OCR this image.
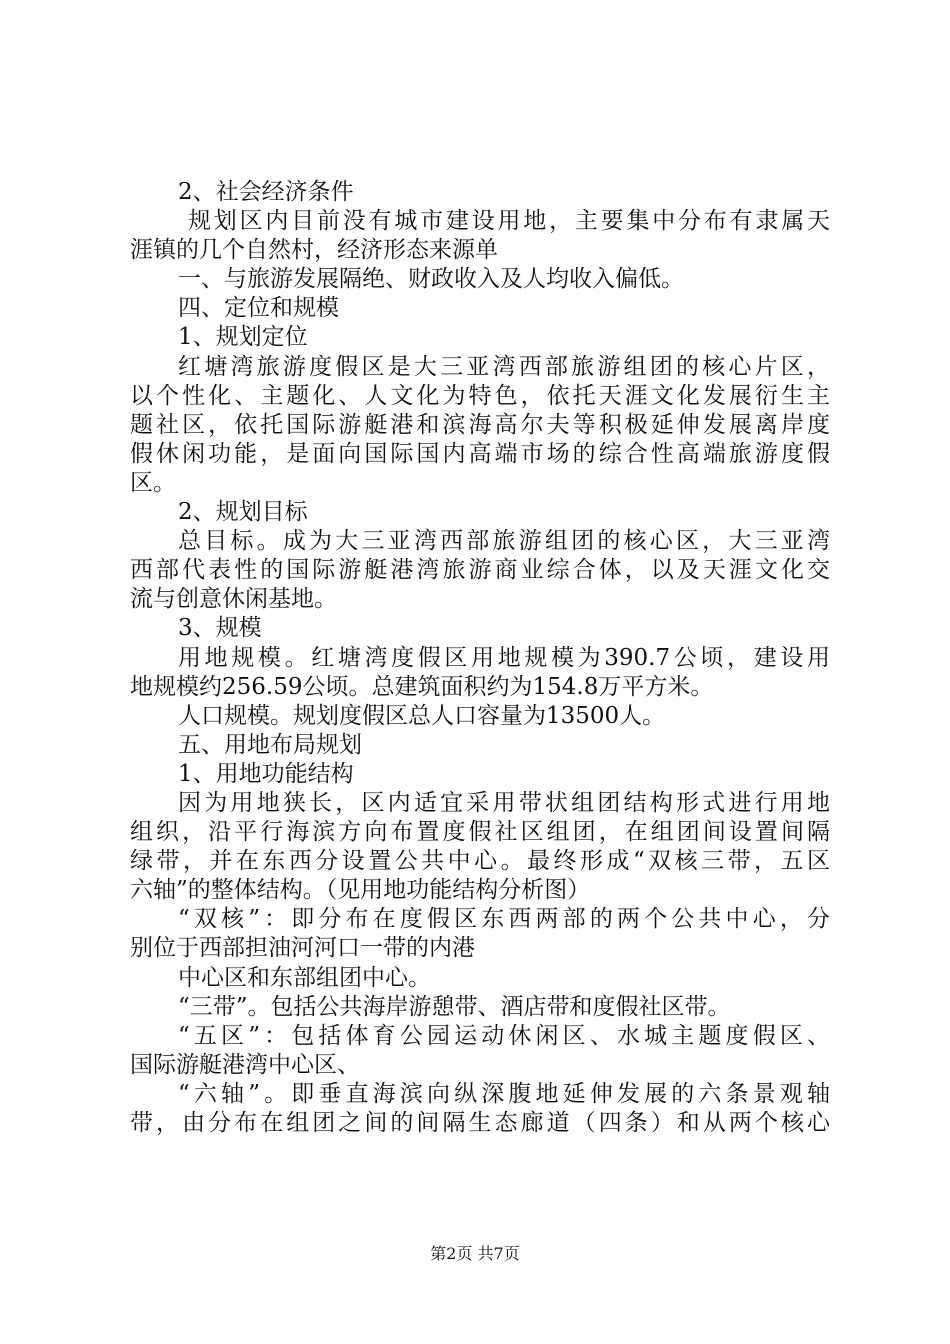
2、社会经济条件
规划区内目前没有城市建设用地，主要集中分布有隶属天
涯镇的几个自然村，经济形态来源单
一、与旅游发展隔绝、财政收入及人均收入偏低。
四、定位和规模
1、规划定位
红塘湾旅游度假区是大三亚湾西部旅游组团的核心片区，
以个性化、主题化、人文化为特色，依托天涯文化发展衍生主
题社区，依托国际游艇港和滨海高尔夫等积极延伸发展离岸度
假休闲功能，是面向国际国内高端市场的综合性高端旅游度假
区。
2、规划目标
总目标。成为大三亚湾西部旅游组团的核心区，大三亚湾
西部代表性的国际游艇港湾旅游商业综合体，以及天涯文化交
流与创意休闲基地。
3、规模
用地规模。红塘湾度假区用地规模为390.7公顷，建设用
地规模约256.59公顷。总建筑面积约为154.8万平方米。
人口规模。规划度假区总人口容量为13500人。
五、用地布局规划
1、用地功能结构
因为用地狭长，区内适宜采用带状组团结构形式进行用地
组织，沿平行海滨方向布置度假社区组团，在组团间设置间隔
绿带，并在东西分设置公共中心。最终形成“双核三带，五区
六轴”的整体结构。（见用地功能结构分析图）
“双核”：即分布在度假区东西两部的两个公共中心，分
别位于西部担油河河口一带的内港
中心区和东部组团中心。
“三带”。包括公共海岸游憩带、酒店带和度假社区带。
“五区”：包括体育公园运动休闲区、水城主题度假区、
国际游艇港湾中心区、
“六轴”。即垂直海滨向纵深腹地延伸发展的六条景观轴
带，由分布在组团之间的间隔生态廊道（四条）和从两个核心
第2页 共7页
